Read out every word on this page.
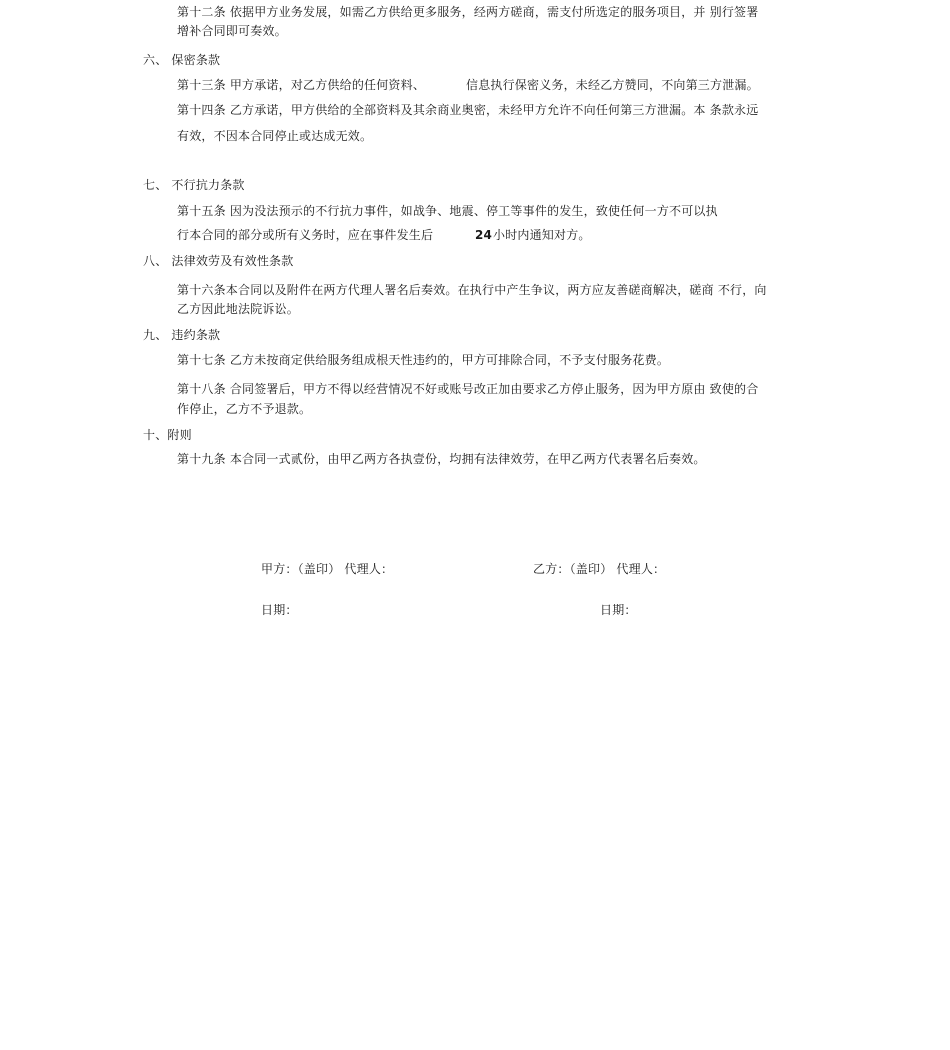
第十二条 依据甲方业务发展，如需乙方供给更多服务，经两方磋商，需支付所选定的服务项目，并 别行签署
增补合同即可奏效。
六、 保密条款
第十三条 甲方承诺，对乙方供给的任何资料、	信息执行保密义务，未经乙方赞同，不向第三方泄漏。
第十四条 乙方承诺，甲方供给的全部资料及其余商业奥密，未经甲方允许不向任何第三方泄漏。本 条款永远
有效，不因本合同停止或达成无效。
七、 不行抗力条款
第十五条 因为没法预示的不行抗力事件，如战争、地震、停工等事件的发生，致使任何一方不可以执
行本合同的部分或所有义务时，应在事件发生后	24 小时内通知对方。
八、 法律效劳及有效性条款
第十六条本合同以及附件在两方代理人署名后奏效。在执行中产生争议，两方应友善磋商解决，磋商 不行，向
乙方因此地法院诉讼。
九、 违约条款
第十七条 乙方未按商定供给服务组成根天性违约的，甲方可排除合同，不予支付服务花费。
第十八条 合同签署后，甲方不得以经营情况不好或账号改正加由要求乙方停止服务，因为甲方原由 致使的合
作停止，乙方不予退款。
十、附则
第十九条 本合同一式贰份，由甲乙两方各执壹份，均拥有法律效劳，在甲乙两方代表署名后奏效。
甲方：（盖印） 代理人：	乙方：（盖印） 代理人：
日期：	日期：
